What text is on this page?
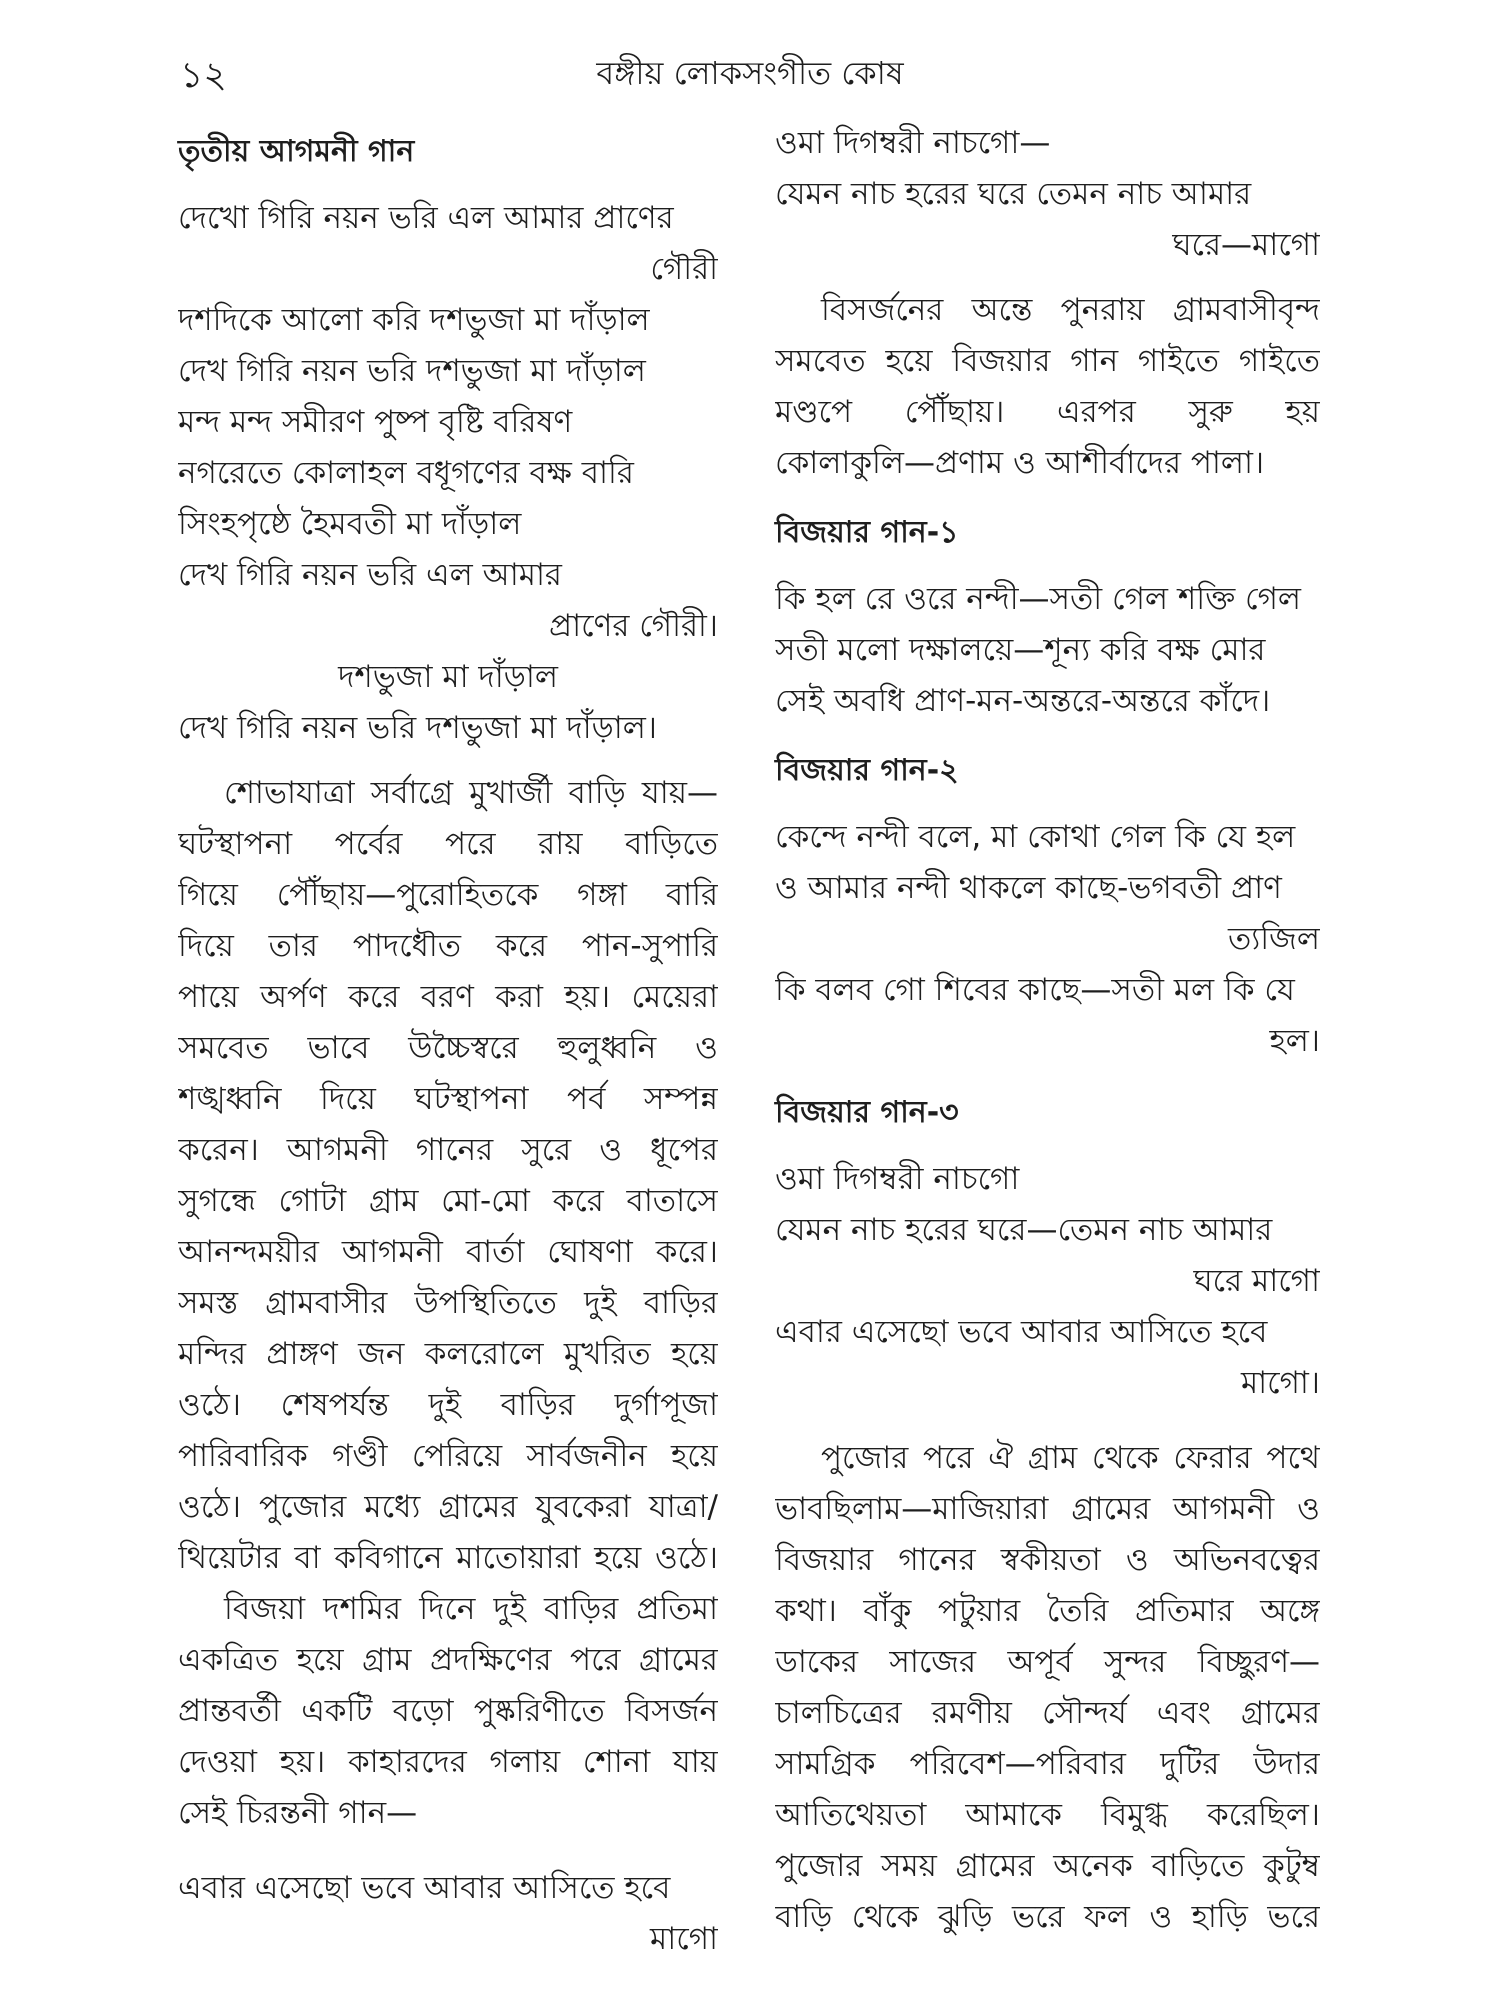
১২	বঙ্গীয় লোকসংগীত কোষ
তৃতীয় আগমনী গান
দেখো গিরি নয়ন ভরি এল আমার প্রাণের
গৌরী
দশদিকে আলো করি দশভুজা মা দাঁড়াল
দেখ গিরি নয়ন ভরি দশভুজা মা দাঁড়াল
মন্দ মন্দ সমীরণ পুষ্প বৃষ্টি বরিষণ
নগরেতে কোলাহল বধূগণের বক্ষ বারি
সিংহপৃষ্ঠে হৈমবতী মা দাঁড়াল
দেখ গিরি নয়ন ভরি এল আমার
প্রাণের গৌরী।
দশভুজা মা দাঁড়াল
দেখ গিরি নয়ন ভরি দশভুজা মা দাঁড়াল।
শোভাযাত্রা সর্বাগ্রে মুখার্জী বাড়ি যায়—
ঘটস্থাপনা পর্বের পরে রায় বাড়িতে
গিয়ে পৌঁছায়—পুরোহিতকে গঙ্গা বারি
দিয়ে তার পাদধৌত করে পান-সুপারি
পায়ে অর্পণ করে বরণ করা হয়। মেয়েরা
সমবেত ভাবে উচ্চৈস্বরে হুলুধ্বনি ও
শঙ্খধ্বনি দিয়ে ঘটস্থাপনা পর্ব সম্পন্ন
করেন। আগমনী গানের সুরে ও ধূপের
সুগন্ধে গোটা গ্রাম মো-মো করে বাতাসে
আনন্দময়ীর আগমনী বার্তা ঘোষণা করে।
সমস্ত গ্রামবাসীর উপস্থিতিতে দুই বাড়ির
মন্দির প্রাঙ্গণ জন কলরোলে মুখরিত হয়ে
ওঠে। শেষপর্যন্ত দুই বাড়ির দুর্গাপূজা
পারিবারিক গণ্ডী পেরিয়ে সার্বজনীন হয়ে
ওঠে। পুজোর মধ্যে গ্রামের যুবকেরা যাত্রা/
থিয়েটার বা কবিগানে মাতোয়ারা হয়ে ওঠে।
বিজয়া দশমির দিনে দুই বাড়ির প্রতিমা
একত্রিত হয়ে গ্রাম প্রদক্ষিণের পরে গ্রামের
প্রান্তবর্তী একটি বড়ো পুষ্করিণীতে বিসর্জন
দেওয়া হয়। কাহারদের গলায় শোনা যায়
সেই চিরন্তনী গান—
এবার এসেছো ভবে আবার আসিতে হবে
মাগো
ওমা দিগম্বরী নাচগো—
যেমন নাচ হরের ঘরে তেমন নাচ আমার
ঘরে—মাগো
বিসর্জনের অন্তে পুনরায় গ্রামবাসীবৃন্দ
সমবেত হয়ে বিজয়ার গান গাইতে গাইতে
মণ্ডপে পৌঁছায়। এরপর সুরু হয়
কোলাকুলি—প্রণাম ও আশীর্বাদের পালা।
বিজয়ার গান-১
কি হল রে ওরে নন্দী—সতী গেল শক্তি গেল
সতী মলো দক্ষালয়ে—শূন্য করি বক্ষ মোর
সেই অবধি প্রাণ-মন-অন্তরে-অন্তরে কাঁদে।
বিজয়ার গান-২
কেন্দে নন্দী বলে, মা কোথা গেল কি যে হল
ও আমার নন্দী থাকলে কাছে-ভগবতী প্রাণ
ত্যজিল
কি বলব গো শিবের কাছে—সতী মল কি যে
হল।
বিজয়ার গান-৩
ওমা দিগম্বরী নাচগো
যেমন নাচ হরের ঘরে—তেমন নাচ আমার
ঘরে মাগো
এবার এসেছো ভবে আবার আসিতে হবে
মাগো।
পুজোর পরে ঐ গ্রাম থেকে ফেরার পথে
ভাবছিলাম—মাজিয়ারা গ্রামের আগমনী ও
বিজয়ার গানের স্বকীয়তা ও অভিনবত্বের
কথা। বাঁকু পটুয়ার তৈরি প্রতিমার অঙ্গে
ডাকের সাজের অপূর্ব সুন্দর বিচ্ছুরণ—
চালচিত্রের রমণীয় সৌন্দর্য এবং গ্রামের
সামগ্রিক পরিবেশ—পরিবার দুটির উদার
আতিথেয়তা আমাকে বিমুগ্ধ করেছিল।
পুজোর সময় গ্রামের অনেক বাড়িতে কুটুম্ব
বাড়ি থেকে ঝুড়ি ভরে ফল ও হাড়ি ভরে
